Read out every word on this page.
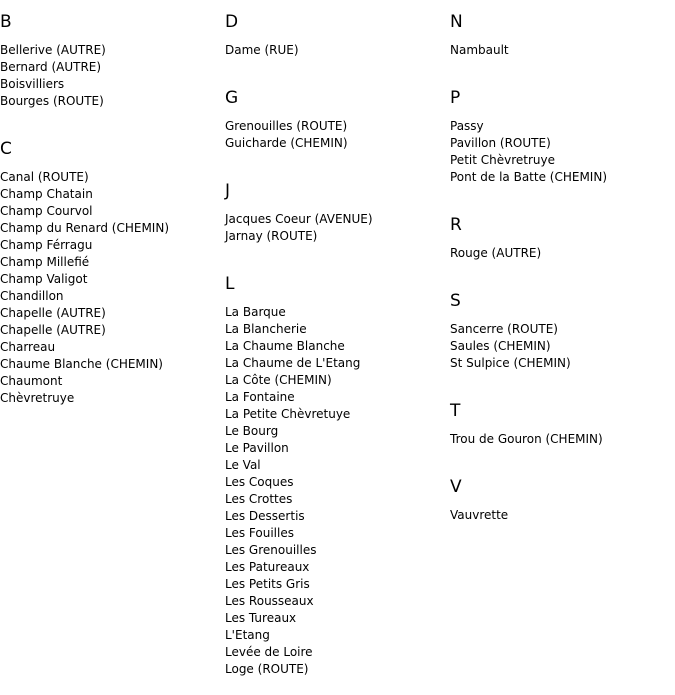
B
Bellerive (AUTRE)
Bernard (AUTRE)
Boisvilliers
Bourges (ROUTE)
C
Canal (ROUTE)
Champ Chatain
Champ Courvol
Champ du Renard (CHEMIN)
Champ Férragu
Champ Millefié
Champ Valigot
Chandillon
Chapelle (AUTRE)
Chapelle (AUTRE)
Charreau
Chaume Blanche (CHEMIN)
Chaumont
Chèvretruye
D
Dame (RUE)
G
Grenouilles (ROUTE)
Guicharde (CHEMIN)
J
Jacques Coeur (AVENUE)
Jarnay (ROUTE)
L
La Barque
La Blancherie
La Chaume Blanche
La Chaume de L'Etang
La Côte (CHEMIN)
La Fontaine
La Petite Chèvretuye
Le Bourg
Le Pavillon
Le Val
Les Coques
Les Crottes
Les Dessertis
Les Fouilles
Les Grenouilles
Les Patureaux
Les Petits Gris
Les Rousseaux
Les Tureaux
L'Etang
Levée de Loire
Loge (ROUTE)
N
Nambault
P
Passy
Pavillon (ROUTE)
Petit Chèvretruye
Pont de la Batte (CHEMIN)
R
Rouge (AUTRE)
S
Sancerre (ROUTE)
Saules (CHEMIN)
St Sulpice (CHEMIN)
T
Trou de Gouron (CHEMIN)
V
Vauvrette
